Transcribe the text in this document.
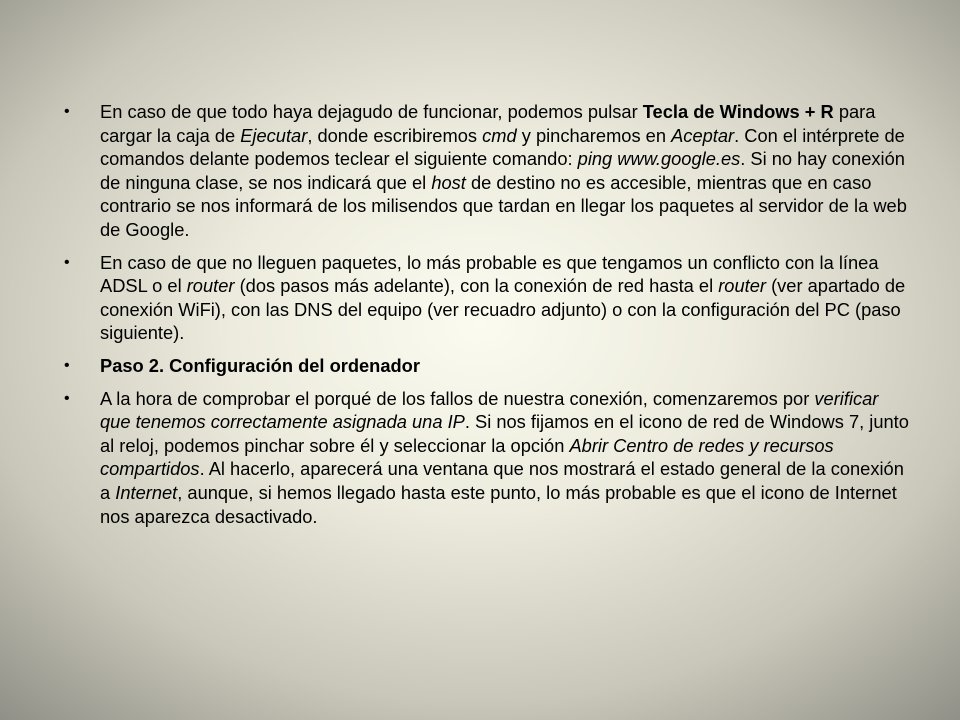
• En caso de que todo haya dejagudo de funcionar, podemos pulsar Tecla de Windows + R para cargar la caja de Ejecutar, donde escribiremos cmd y pincharemos en Aceptar. Con el intérprete de comandos delante podemos teclear el siguiente comando: ping www.google.es. Si no hay conexión de ninguna clase, se nos indicará que el host de destino no es accesible, mientras que en caso contrario se nos informará de los milisendos que tardan en llegar los paquetes al servidor de la web de Google.
• En caso de que no lleguen paquetes, lo más probable es que tengamos un conflicto con la línea ADSL o el router (dos pasos más adelante), con la conexión de red hasta el router (ver apartado de conexión WiFi), con las DNS del equipo (ver recuadro adjunto) o con la configuración del PC (paso siguiente).
• Paso 2. Configuración del ordenador
• A la hora de comprobar el porqué de los fallos de nuestra conexión, comenzaremos por verificar que tenemos correctamente asignada una IP. Si nos fijamos en el icono de red de Windows 7, junto al reloj, podemos pinchar sobre él y seleccionar la opción Abrir Centro de redes y recursos compartidos. Al hacerlo, aparecerá una ventana que nos mostrará el estado general de la conexión a Internet, aunque, si hemos llegado hasta este punto, lo más probable es que el icono de Internet nos aparezca desactivado.
